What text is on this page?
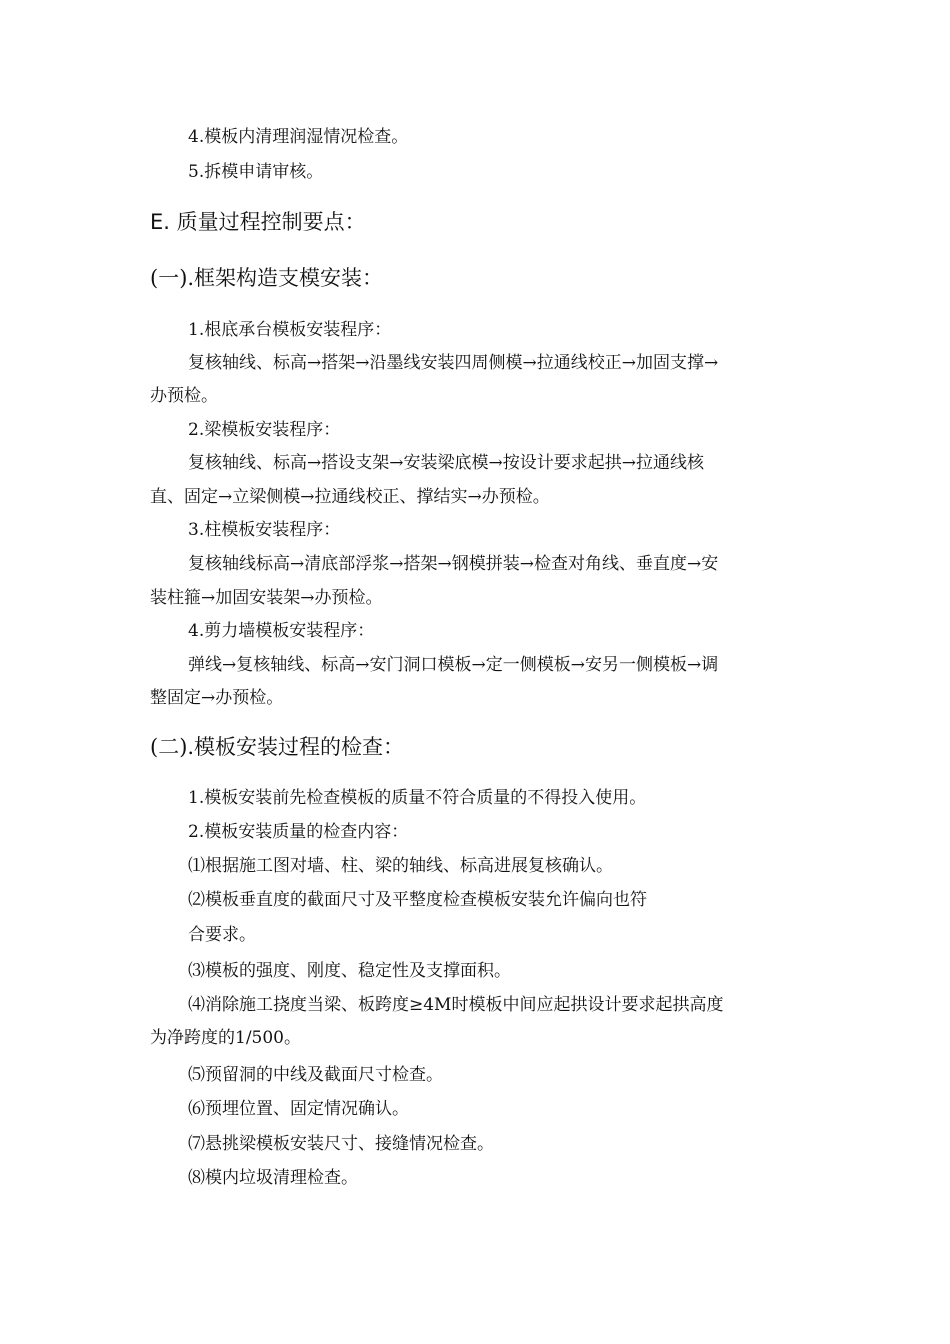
4.模板内清理润湿情况检查。
5.拆模申请审核。
E. 质量过程控制要点：
(一).框架构造支模安装：
1.根底承台模板安装程序：
复核轴线、标高→搭架→沿墨线安装四周侧模→拉通线校正→加固支撑→
办预检。
2.梁模板安装程序：
复核轴线、标高→搭设支架→安装梁底模→按设计要求起拱→拉通线核
直、固定→立梁侧模→拉通线校正、撑结实→办预检。
3.柱模板安装程序：
复核轴线标高→清底部浮浆→搭架→钢模拼装→检查对角线、垂直度→安
装柱箍→加固安装架→办预检。
4.剪力墙模板安装程序：
弹线→复核轴线、标高→安门洞口模板→定一侧模板→安另一侧模板→调
整固定→办预检。
(二).模板安装过程的检查：
1.模板安装前先检查模板的质量不符合质量的不得投入使用。
2.模板安装质量的检查内容：
⑴根据施工图对墙、柱、梁的轴线、标高进展复核确认。
⑵模板垂直度的截面尺寸及平整度检查模板安装允许偏向也符
合要求。
⑶模板的强度、刚度、稳定性及支撑面积。
⑷消除施工挠度当梁、板跨度≥4M时模板中间应起拱设计要求起拱高度
为净跨度的1/500。
⑸预留洞的中线及截面尺寸检查。
⑹预埋位置、固定情况确认。
⑺悬挑梁模板安装尺寸、接缝情况检查。
⑻模内垃圾清理检查。
